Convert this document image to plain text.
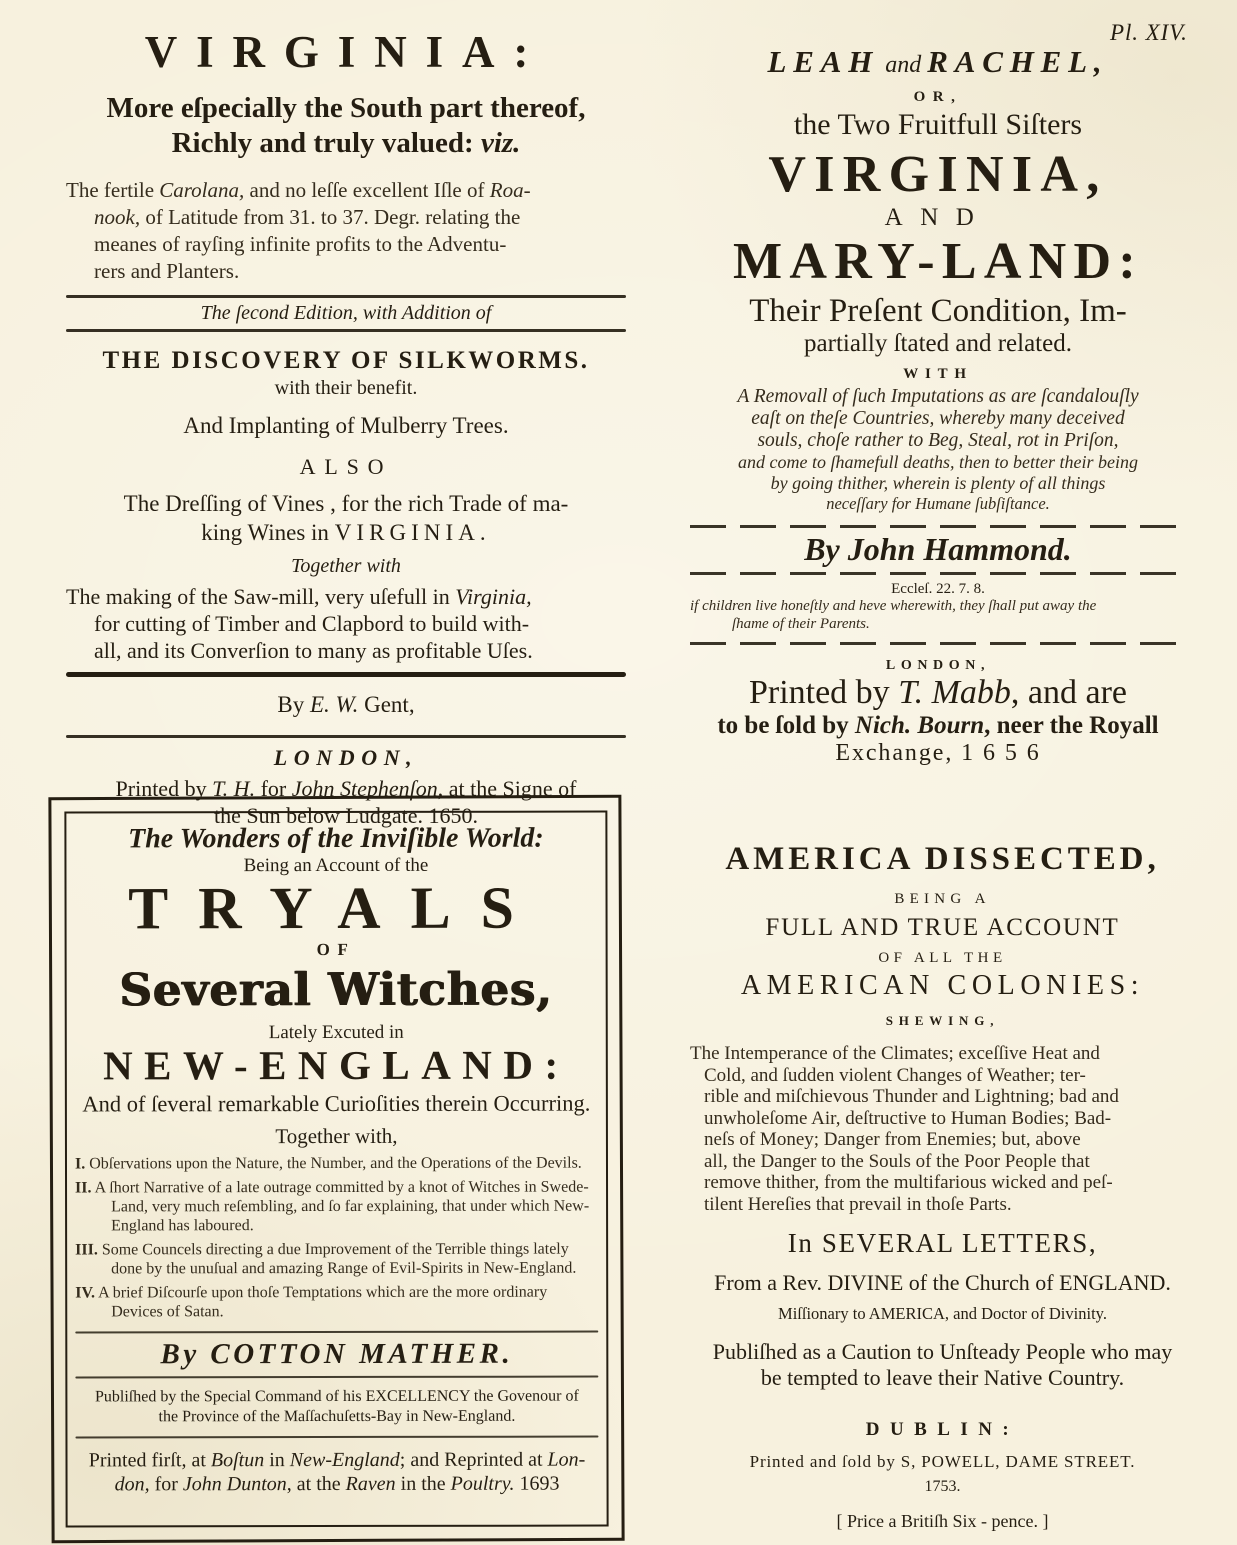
Pl. XIV.
VIRGINIA:
More eſpecially the South part thereof,
Richly and truly valued: viz.
The fertile Carolana, and no leſſe excellent Iſle of Roa-
nook, of Latitude from 31. to 37. Degr. relating the
meanes of rayſing infinite profits to the Adventu-
rers and Planters.
The ſecond Edition, with Addition of
THE DISCOVERY OF SILKWORMS.
with their benefit.
And Implanting of Mulberry Trees.
ALSO
The Dreſſing of Vines , for the rich Trade of ma-
king Wines in VIRGINIA.
Together with
The making of the Saw-mill, very uſefull in Virginia,
for cutting of Timber and Clapbord to build with-
all, and its Converſion to many as profitable Uſes.
By E. W. Gent,
LONDON,
Printed by T. H. for John Stephenſon, at the Signe of
the Sun below Ludgate. 1650.
LEAH and RACHEL,
OR,
the Two Fruitfull Siſters
VIRGINIA,
AND
MARY-LAND:
Their Preſent Condition, Im-
partially ſtated and related.
WITH
A Removall of ſuch Imputations as are ſcandalouſly
eaſt on theſe Countries, whereby many deceived
souls, choſe rather to Beg, Steal, rot in Priſon,
and come to ſhamefull deaths, then to better their being
by going thither, wherein is plenty of all things
neceſſary for Humane ſubſiſtance.
By John Hammond.
Eccleſ. 22. 7. 8.
if children live honeſtly and heve wherewith, they ſhall put away the
ſhame of their Parents.
LONDON,
Printed by T. Mabb, and are
to be ſold by Nich. Bourn, neer the Royall
Exchange, 1 6 5 6
The Wonders of the Inviſible World:
Being an Account of the
TRYALS
OF
Several Witches,
Lately Excuted in
NEW-ENGLAND:
And of ſeveral remarkable Curioſities therein Occurring.
Together with,
I. Obſervations upon the Nature, the Number, and the Operations of the Devils.
II. A ſhort Narrative of a late outrage committed by a knot of Witches in Swede-Land, very much reſembling, and ſo far explaining, that under which New-England has laboured.
III. Some Councels directing a due Improvement of the Terrible things lately done by the unuſual and amazing Range of Evil-Spirits in New-England.
IV. A brief Diſcourſe upon thoſe Temptations which are the more ordinary Devices of Satan.
By COTTON MATHER.
Publiſhed by the Special Command of his EXCELLENCY the Govenour of
the Province of the Maſſachuſetts-Bay in New-England.
Printed firſt, at Boſtun in New-England; and Reprinted at Lon-
don, for John Dunton, at the Raven in the Poultry. 1693
AMERICA DISSECTED,
BEING A
FULL AND TRUE ACCOUNT
OF ALL THE
AMERICAN COLONIES:
SHEWING,
The Intemperance of the Climates; exceſſive Heat and
Cold, and ſudden violent Changes of Weather; ter-
rible and miſchievous Thunder and Lightning; bad and
unwholeſome Air, deſtructive to Human Bodies; Bad-
neſs of Money; Danger from Enemies; but, above
all, the Danger to the Souls of the Poor People that
remove thither, from the multifarious wicked and peſ-
tilent Hereſies that prevail in thoſe Parts.
In SEVERAL LETTERS,
From a Rev. DIVINE of the Church of ENGLAND.
Miſſionary to AMERICA, and Doctor of Divinity.
Publiſhed as a Caution to Unſteady People who may
be tempted to leave their Native Country.
DUBLIN:
Printed and ſold by S, POWELL, DAME STREET.
1753.
[ Price a Britiſh Six - pence. ]
